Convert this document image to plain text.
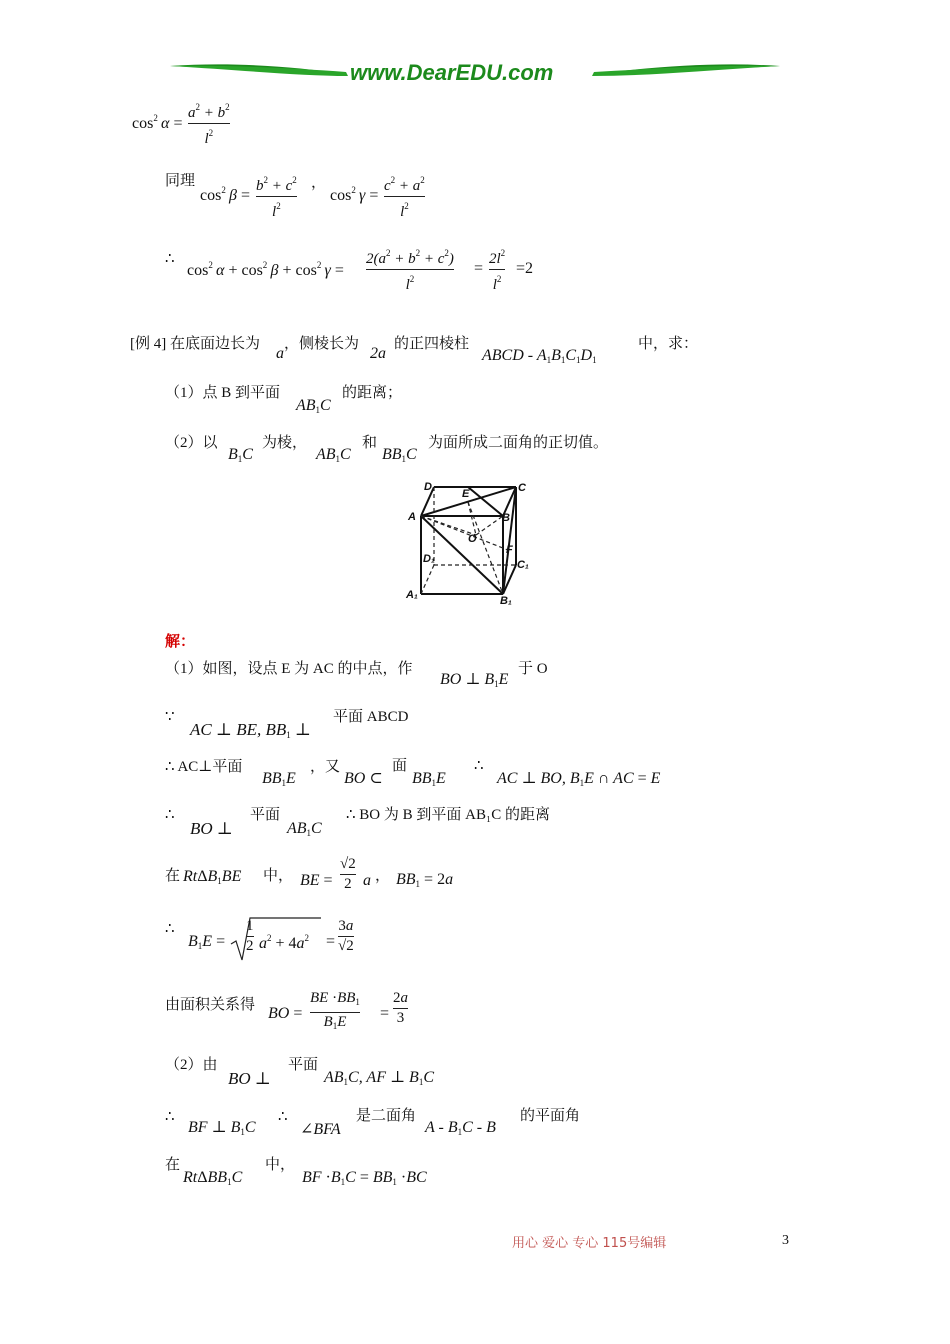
www.DearEDU.com
$\cos^2 \alpha$ =
$a^2 + b^2$
$l^2$
同理
$\cos^2 \beta$ =
$b^2 + c^2$
$l^2$
，
$\cos^2 \gamma$ =
$c^2 + a^2$
$l^2$
∴
$\cos^2 \alpha + \cos^2 \beta + \cos^2 \gamma$ =
$2(a^2 + b^2 + c^2)$
$l^2$
=
$2l^2$
$l^2$
=2
[例 4] 在底面边长为
a
，侧棱长为
2a
的正四棱柱
ABCD - $A_1B_1C_1D_1$
中，求：
（1）点 B 到平面
$AB_1C$
的距离；
（2）以
$B_1C$
为棱，
$AB_1C$
和
$BB_1C$
为面所成二面角的正切值。
D
E	C
A	B
O
F
D₁	C₁
A₁	B₁
解：
（1）如图，设点 E 为 AC 的中点，作
BO ⊥ $B_1E$
于 O
∵
AC ⊥ BE, $BB_1$ ⊥
平面 ABCD
∴ AC⊥平面
$BB_1E$
，又
BO ⊂
面
$BB_1E$
∴
AC ⊥ BO, $B_1E$ ∩ AC = E
∴
BO ⊥
平面
$AB_1C$
∴ BO 为 B 到平面 AB₁C 的距离
在 RtΔB$_1$BE 中， BE =
√2
2 a ， $BB_1 = 2a$
∴
$B_1E$ =
1
2 $a^2 + 4a^2$ =
3a
√2
由面积关系得 BO =
BE $\cdot BB_1$
$B_1E$ =
2a
3
（2）由
BO ⊥
平面
$AB_1C$, AF ⊥ $B_1C$
∴
BF ⊥ $B_1C$
∴
∠BFA
是二面角
A - $B_1C$ - B
的平面角
在
RtΔBB$_1$C
中，
BF $\cdot B_1C = BB_1 \cdot BC$
用心 爱心 专心 115号编辑	3
